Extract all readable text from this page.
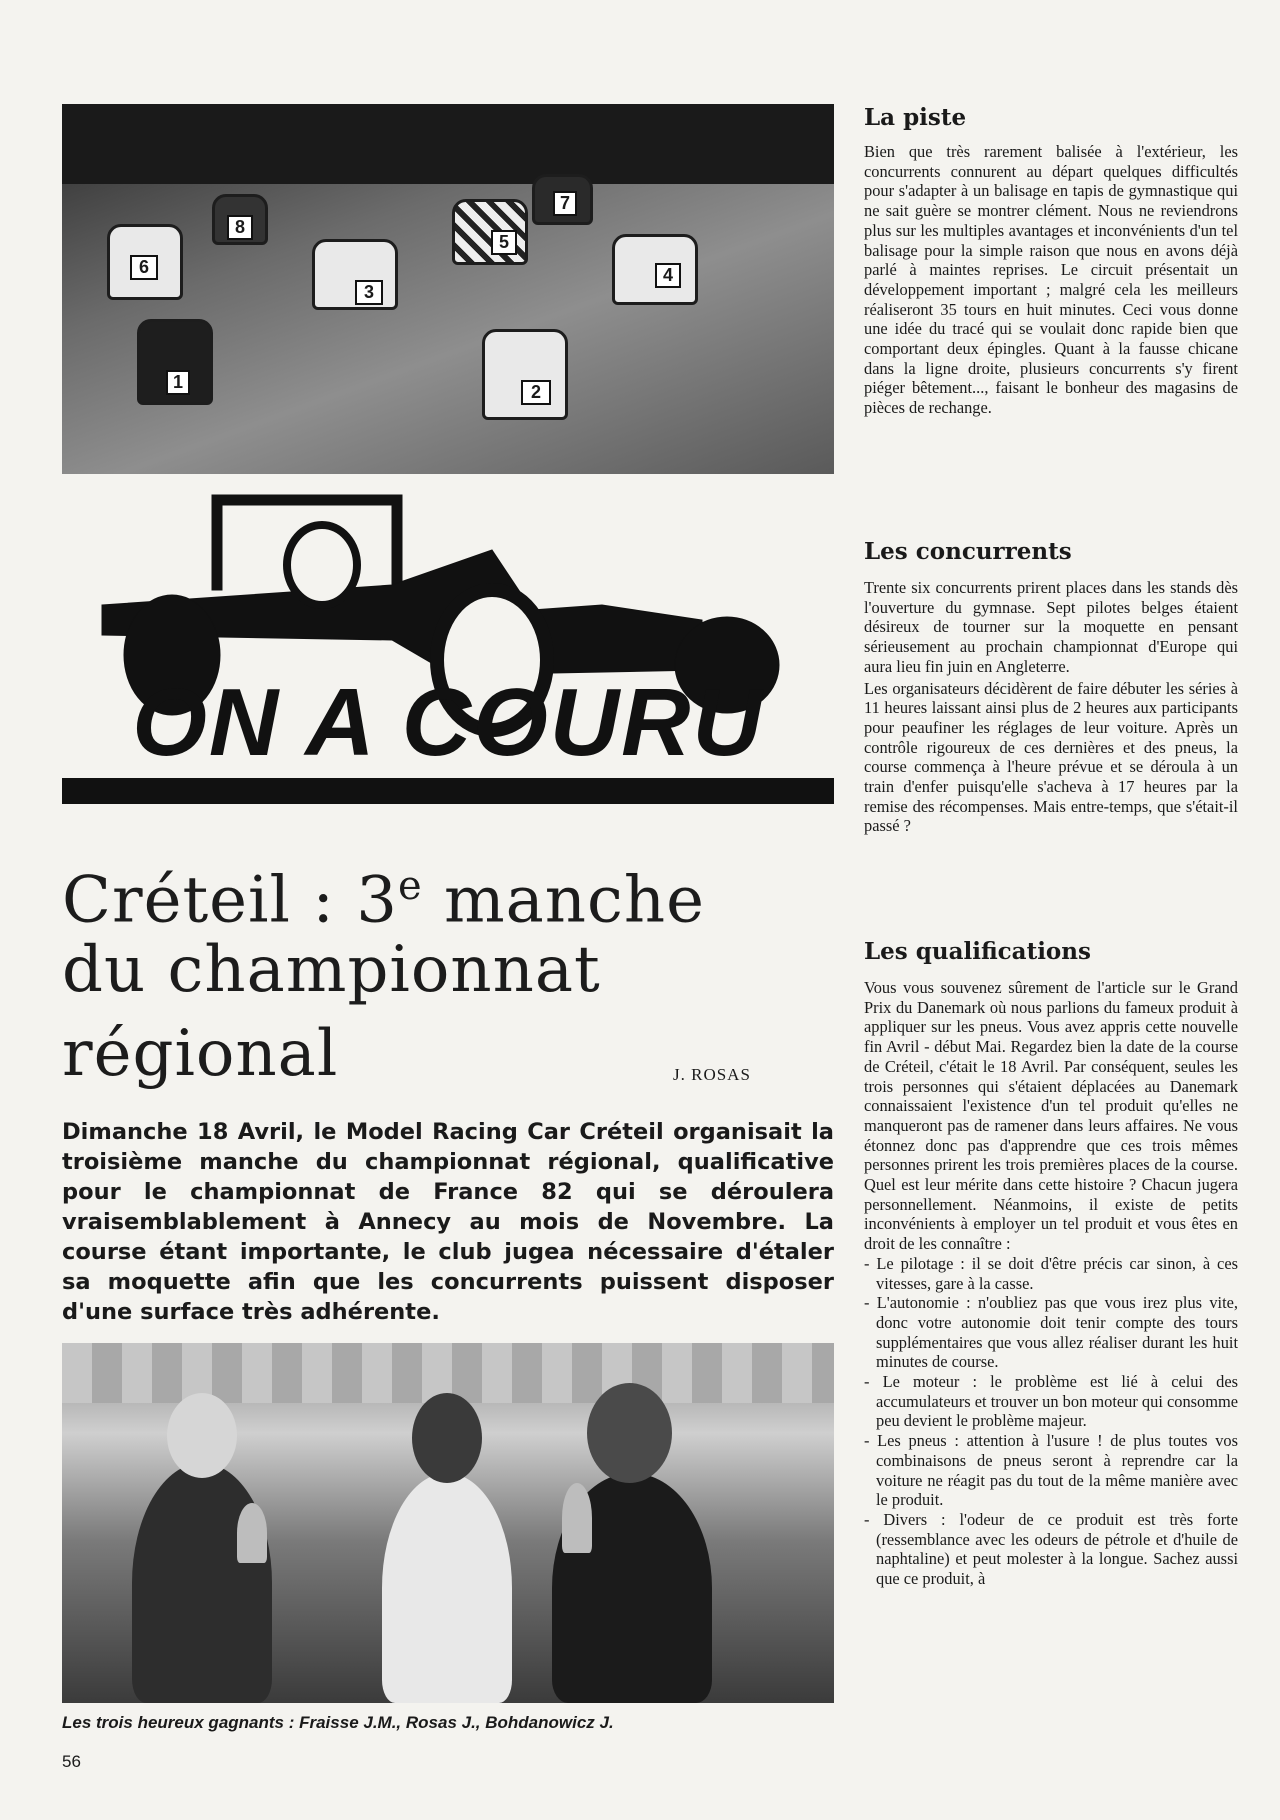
6
8
3
5
7
4
1	2
ON A COURU
Créteil : 3e manche
du championnat
régional	J. ROSAS
Dimanche 18 Avril, le Model Racing Car Créteil organisait la troisième manche du championnat régional, qualificative pour le championnat de France 82 qui se déroulera vraisemblablement à Annecy au mois de Novembre. La course étant importante, le club jugea nécessaire d'étaler sa moquette afin que les concurrents puissent disposer d'une surface très adhérente.
Les trois heureux gagnants : Fraisse J.M., Rosas J., Bohdanowicz J.
56
La piste
Bien que très rarement balisée à l'extérieur, les concurrents connurent au départ quelques difficultés pour s'adapter à un balisage en tapis de gymnastique qui ne sait guère se montrer clément. Nous ne reviendrons plus sur les multiples avantages et inconvénients d'un tel balisage pour la simple raison que nous en avons déjà parlé à maintes reprises. Le circuit présentait un développement important ; malgré cela les meilleurs réaliseront 35 tours en huit minutes. Ceci vous donne une idée du tracé qui se voulait donc rapide bien que comportant deux épingles. Quant à la fausse chicane dans la ligne droite, plusieurs concurrents s'y firent piéger bêtement..., faisant le bonheur des magasins de pièces de rechange.
Les concurrents

Trente six concurrents prirent places dans les stands dès l'ouverture du gymnase. Sept pilotes belges étaient désireux de tourner sur la moquette en pensant sérieusement au prochain championnat d'Europe qui aura lieu fin juin en Angleterre.

Les organisateurs décidèrent de faire débuter les séries à 11 heures laissant ainsi plus de 2 heures aux participants pour peaufiner les réglages de leur voiture. Après un contrôle rigoureux de ces dernières et des pneus, la course commença à l'heure prévue et se déroula à un train d'enfer puisqu'elle s'acheva à 17 heures par la remise des récompenses. Mais entre-temps, que s'était-il passé ?

Les qualifications

Vous vous souvenez sûrement de l'article sur le Grand Prix du Danemark où nous parlions du fameux produit à appliquer sur les pneus. Vous avez appris cette nouvelle fin Avril - début Mai. Regardez bien la date de la course de Créteil, c'était le 18 Avril. Par conséquent, seules les trois personnes qui s'étaient déplacées au Danemark connaissaient l'existence d'un tel produit qu'elles ne manqueront pas de ramener dans leurs affaires. Ne vous étonnez donc pas d'apprendre que ces trois mêmes personnes prirent les trois premières places de la course. Quel est leur mérite dans cette histoire ? Chacun jugera personnellement. Néanmoins, il existe de petits inconvénients à employer un tel produit et vous êtes en droit de les connaître :

- Le pilotage : il se doit d'être précis car sinon, à ces vitesses, gare à la casse.
- L'autonomie : n'oubliez pas que vous irez plus vite, donc votre autonomie doit tenir compte des tours supplémentaires que vous allez réaliser durant les huit minutes de course.
- Le moteur : le problème est lié à celui des accumulateurs et trouver un bon moteur qui consomme peu devient le problème majeur.
- Les pneus : attention à l'usure ! de plus toutes vos combinaisons de pneus seront à reprendre car la voiture ne réagit pas du tout de la même manière avec le produit.
- Divers : l'odeur de ce produit est très forte (ressemblance avec les odeurs de pétrole et d'huile de naphtaline) et peut molester à la longue. Sachez aussi que ce produit, à
